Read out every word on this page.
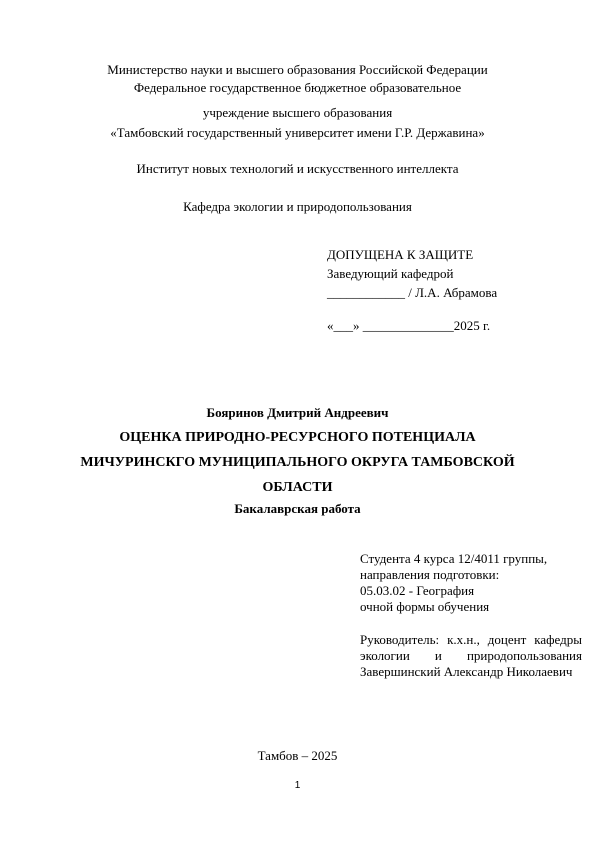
Министерство науки и высшего образования Российской Федерации
Федеральное государственное бюджетное образовательное
учреждение высшего образования
«Тамбовский государственный университет имени Г.Р. Державина»
Институт новых технологий и искусственного интеллекта
Кафедра экологии и природопользования
ДОПУЩЕНА К ЗАЩИТЕ
Заведующий кафедрой
____________ / Л.А. Абрамова
«___» ______________2025 г.
Бояринов Дмитрий Андреевич
ОЦЕНКА ПРИРОДНО-РЕСУРСНОГО ПОТЕНЦИАЛА
МИЧУРИНСКГО МУНИЦИПАЛЬНОГО ОКРУГА ТАМБОВСКОЙ
ОБЛАСТИ
Бакалаврская работа
Студента 4 курса 12/4011 группы,
направления подготовки:
05.03.02 - География
очной формы обучения
Руководитель: к.х.н., доцент кафедры экологии и природопользования Завершинский Александр Николаевич
Тамбов – 2025
1
